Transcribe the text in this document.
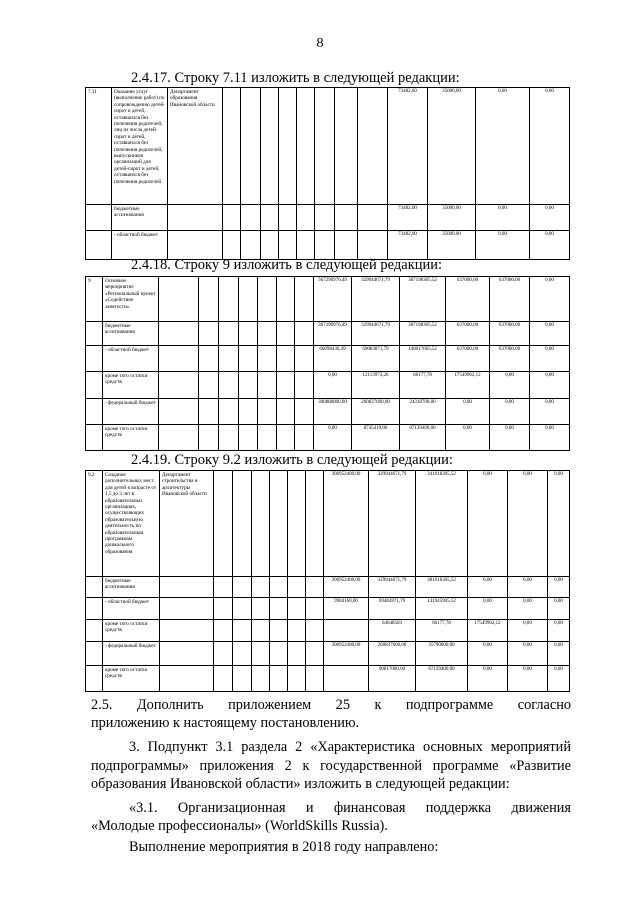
8
2.4.17. Строку 7.11 изложить в следующей редакции:
7.11	Оказание услуг (выполнение работ) по сопровождению детей-сирот и детей, оставшихся без попечения родителей, лиц из числа детей-сирот и детей, оставшихся без попечения родителей, выпускников организаций для детей-сирот и детей, оставшихся без попечения родителей	Департамент образования Ивановской области									73482,00	35000,00	0,00	0,00
	бюджетные ассигнования										73482,00	35000,00	0,00	0,00
	- областной бюджет										73482,00	35000,00	0,00	0,00
2.4.18. Строку 9 изложить в следующей редакции:
9	Основное мероприятие «Региональный проект «Содействие занятости»								367290976,49	329944671,79	387198305,52	637000,00	637000,00	0,00
	бюджетные ассигнования								367290976,49	329944671,79	387198305,52	637000,00	637000,00	0,00
	- областной бюджет								66098436,49	69083871,79	140017665,52	637000,00	637000,00	0,00
	кроме того остатки средств								0,00	12113973,26	66177,78	17549962,12	0,00	0,00
	- федеральный бюджет								300888000,00	260837600,00	24318700,00	0,00	0,00	0,00
	кроме того остатки средств								0,00	8745419,00	67139400,00	0,00	0,00	0,00
2.4.19. Строку 9.2 изложить в следующей редакции:
9.2	Создание дополнительных мест для детей в возрасте от 1,5 до 3 лет в образовательных организациях, осуществляющих образовательную деятельность по образовательным программам дошкольного образования	Департамент строительства и архитектуры Ивановской области							300952400,00	329944671,79	341018305,52	0,00	0,00	0,00
	бюджетные ассигнования								300952400,00	329944671,79	381018305,52	0,00	0,00	0,00
	- областной бюджет								9984160,00	69482871,79	141945905,52	0,00	0,00	0,00
	кроме того остатки средств									64648503	66177,78	17549962,12	0,00	0,00
	- федеральный бюджет								300952400,00	260837600,00	35790000,00	0,00	0,00	0,00
	кроме того остатки средств									90817000,00	67139400,00	0,00	0,00	0,00
2.5. Дополнить приложением 25 к подпрограмме согласно
приложению к настоящему постановлению.
3. Подпункт 3.1 раздела 2 «Характеристика основных мероприятий
подпрограммы» приложения 2 к государственной программе «Развитие
образования Ивановской области» изложить в следующей редакции:
«3.1. Организационная и финансовая поддержка движения
«Молодые профессионалы» (WorldSkills Russia).
Выполнение мероприятия в 2018 году направлено:
